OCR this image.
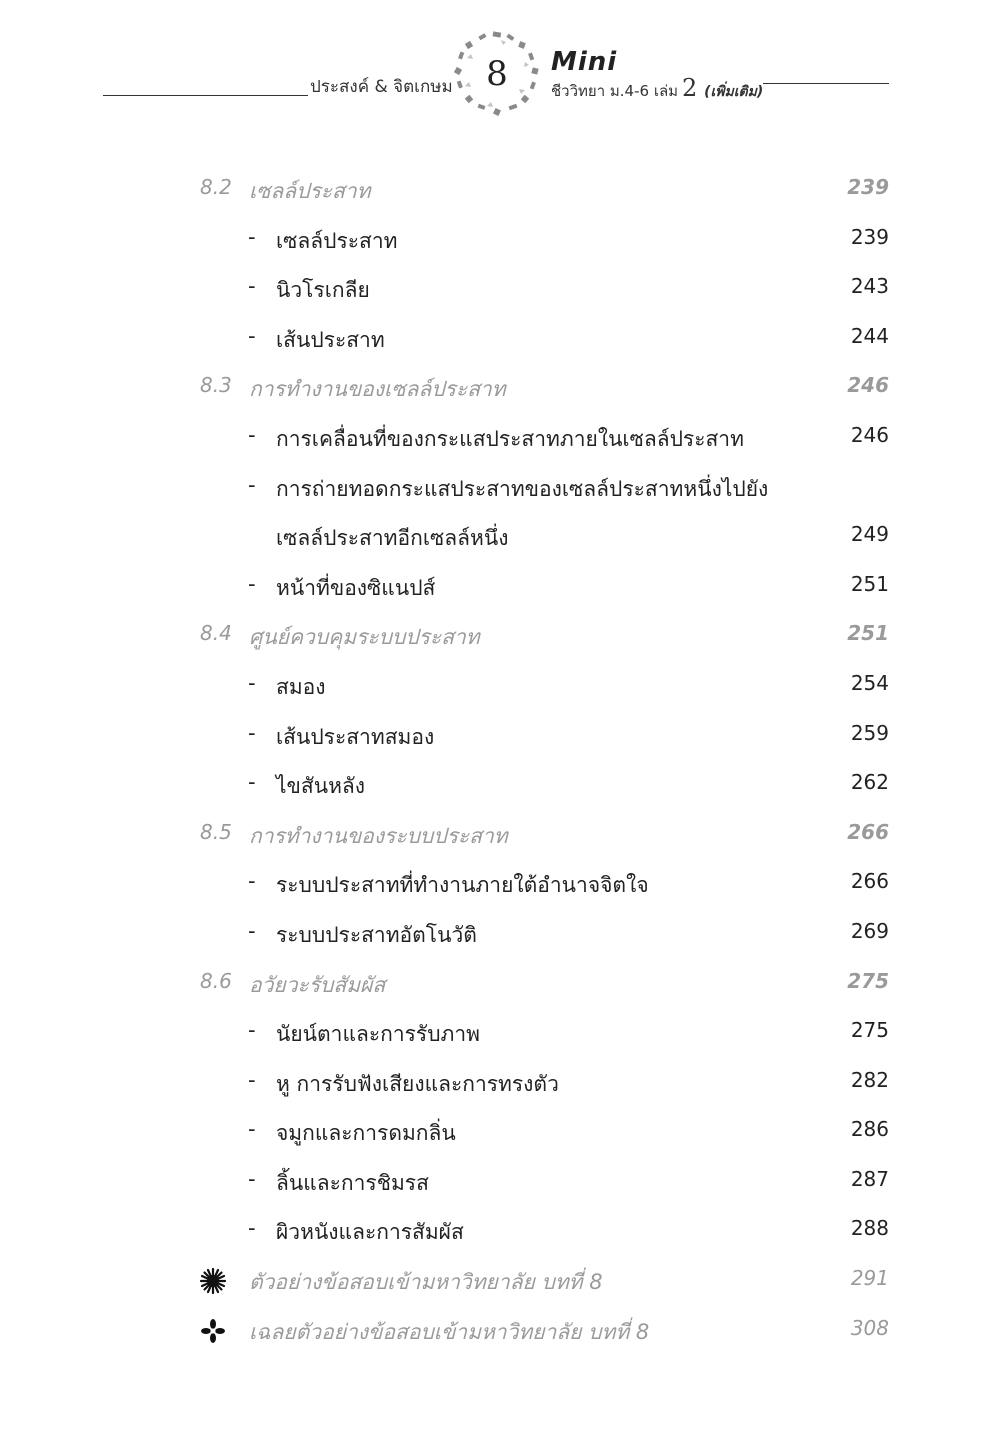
ประสงค์ & จิตเกษม 8	Mini
ชีววิทยา ม.4-6 เล่ม 2 (เพิ่มเติม)
8.2 เซลล์ประสาท	239
- เซลล์ประสาท	239
- นิวโรเกลีย	243
- เส้นประสาท	244
8.3 การทำงานของเซลล์ประสาท	246
- การเคลื่อนที่ของกระแสประสาทภายในเซลล์ประสาท	246
- การถ่ายทอดกระแสประสาทของเซลล์ประสาทหนึ่งไปยัง
เซลล์ประสาทอีกเซลล์หนึ่ง	249
- หน้าที่ของซิแนปส์	251
8.4 ศูนย์ควบคุมระบบประสาท	251
- สมอง	254
- เส้นประสาทสมอง	259
- ไขสันหลัง	262
8.5 การทำงานของระบบประสาท	266
- ระบบประสาทที่ทำงานภายใต้อำนาจจิตใจ	266
- ระบบประสาทอัตโนวัติ	269
8.6 อวัยวะรับสัมผัส	275
- นัยน์ตาและการรับภาพ	275
- หู การรับฟังเสียงและการทรงตัว	282
- จมูกและการดมกลิ่น	286
- ลิ้นและการชิมรส	287
- ผิวหนังและการสัมผัส	288
ตัวอย่างข้อสอบเข้ามหาวิทยาลัย บทที่ 8	291
เฉลยตัวอย่างข้อสอบเข้ามหาวิทยาลัย บทที่ 8	308
